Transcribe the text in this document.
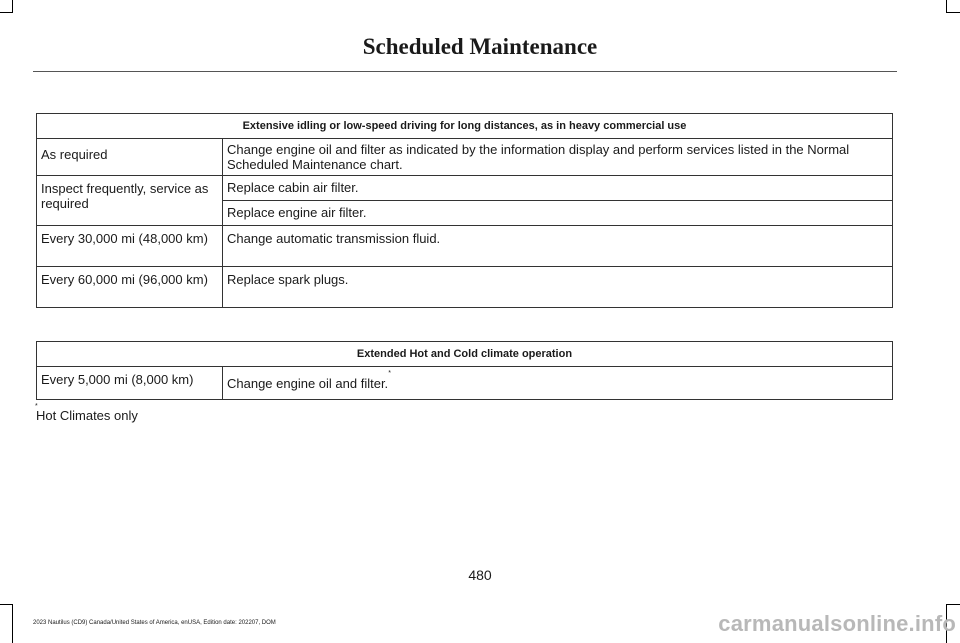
Scheduled Maintenance
Extensive idling or low-speed driving for long distances, as in heavy commercial use	
As required	Change engine oil and filter as indicated by the information display and perform services listed in the Normal Scheduled Maintenance chart.
Inspect frequently, service as required	Replace cabin air filter.
	Replace engine air filter.
Every 30,000 mi (48,000 km)	Change automatic transmission fluid.
Every 60,000 mi (96,000 km)	Replace spark plugs.
Extended Hot and Cold climate operation
Every 5,000 mi (8,000 km)	Change engine oil and filter.*
*
Hot Climates only
480
2023 Nautilus (CD9) Canada/United States of America, enUSA, Edition date: 202207, DOM	carmanualsonline.info
